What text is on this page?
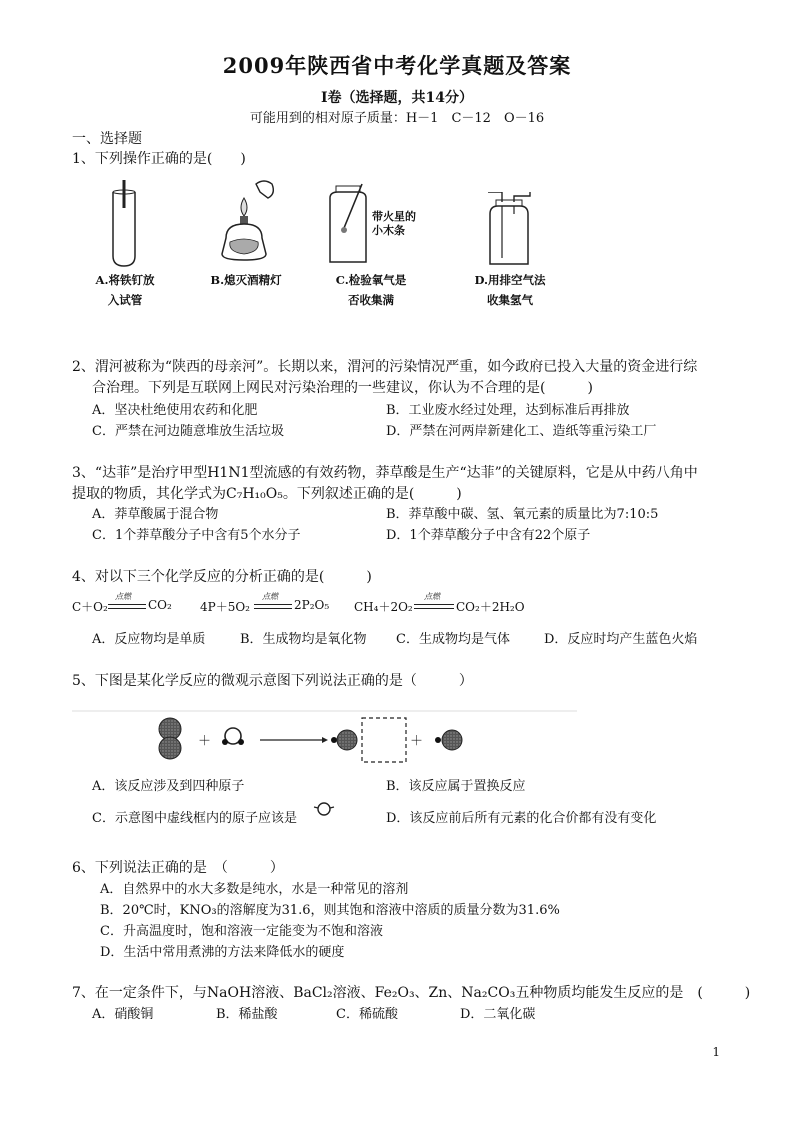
2009年陕西省中考化学真题及答案
I卷（选择题，共14分）
可能用到的相对原子质量：H－1　C－12　O－16
一、选择题
1、下列操作正确的是(　　)
带火星的
小木条
A.将铁钉放
入试管
B.熄灭酒精灯	C.检验氧气是
否收集满
D.用排空气法
收集氢气
2、渭河被称为“陕西的母亲河”。长期以来，渭河的污染情况严重，如今政府已投入大量的资金进行综
合治理。下列是互联网上网民对污染治理的一些建议，你认为不合理的是(　　　)
A．坚决杜绝使用农药和化肥	B．工业废水经过处理，达到标准后再排放
C．严禁在河边随意堆放生活垃圾	D．严禁在河两岸新建化工、造纸等重污染工厂
3、“达菲”是治疗甲型H1N1型流感的有效药物，莽草酸是生产“达菲”的关键原料，它是从中药八角中
提取的物质，其化学式为C₇H₁₀O₅。下列叙述正确的是(　　　)
A．莽草酸属于混合物	B．莽草酸中碳、氢、氧元素的质量比为7:10:5
C．1个莽草酸分子中含有5个水分子	D．1个莽草酸分子中含有22个原子
4、对以下三个化学反应的分析正确的是(　　　)
C＋O₂
点燃
CO₂ 4P＋5O₂
点燃
2P₂O₅ CH₄＋2O₂
点燃
CO₂＋2H₂O
A．反应物均是单质	B．生成物均是氧化物 C．生成物均是气体	D．反应时均产生蓝色火焰
5、下图是某化学反应的微观示意图下列说法正确的是（　　　）
＋	＋
A．该反应涉及到四种原子	B．该反应属于置换反应
C．示意图中虚线框内的原子应该是	D．该反应前后所有元素的化合价都有没有变化
6、下列说法正确的是　（　　　）
A．自然界中的水大多数是纯水，水是一种常见的溶剂
B．20℃时，KNO₃的溶解度为31.6，则其饱和溶液中溶质的质量分数为31.6%
C．升高温度时，饱和溶液一定能变为不饱和溶液
D．生活中常用煮沸的方法来降低水的硬度
7、在一定条件下，与NaOH溶液、BaCl₂溶液、Fe₂O₃、Zn、Na₂CO₃五种物质均能发生反应的是　(　　　)
A．硝酸铜	B．稀盐酸	C．稀硫酸	D．二氧化碳
1
